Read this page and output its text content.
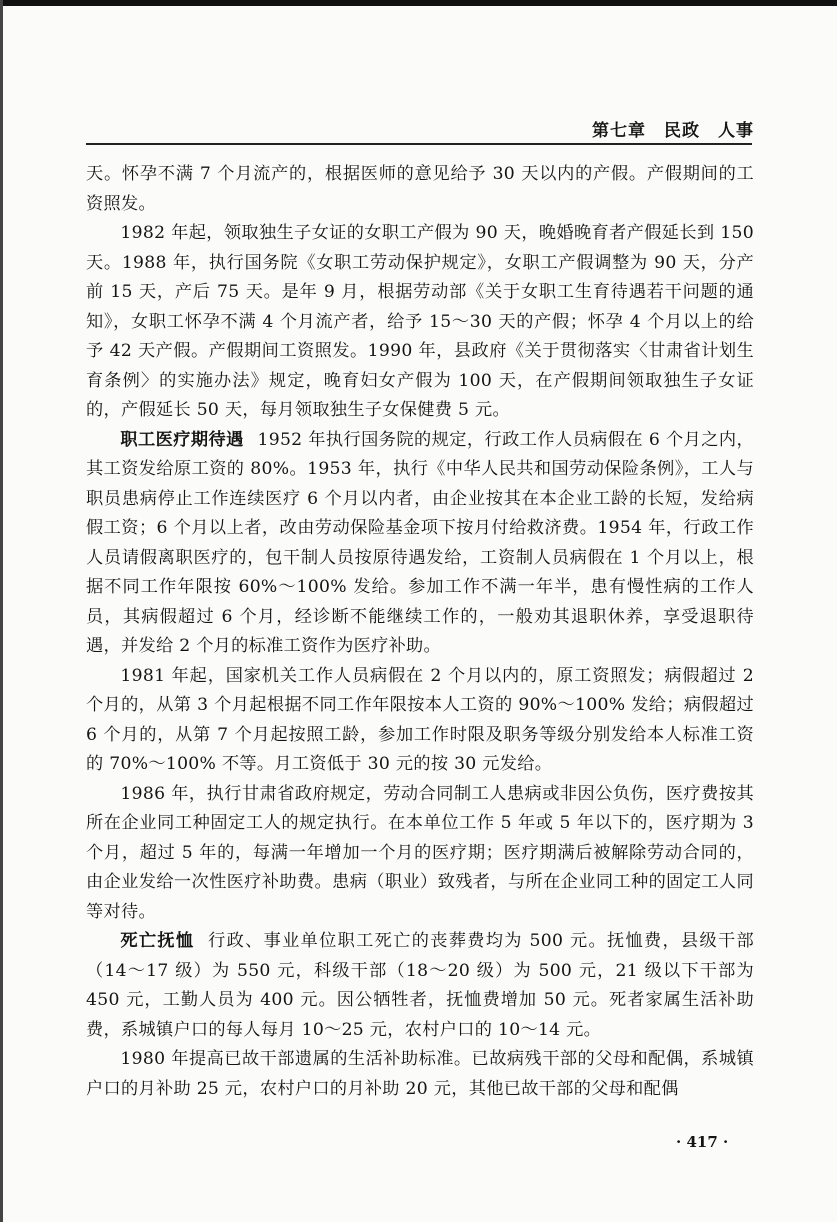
第七章　民政　人事

天。怀孕不满 7 个月流产的，根据医师的意见给予 30 天以内的产假。产假期间的工资照发。

1982 年起，领取独生子女证的女职工产假为 90 天，晚婚晚育者产假延长到 150 天。1988 年，执行国务院《女职工劳动保护规定》，女职工产假调整为 90 天，分产前 15 天，产后 75 天。是年 9 月，根据劳动部《关于女职工生育待遇若干问题的通知》，女职工怀孕不满 4 个月流产者，给予 15～30 天的产假；怀孕 4 个月以上的给予 42 天产假。产假期间工资照发。1990 年，县政府《关于贯彻落实〈甘肃省计划生育条例〉的实施办法》规定，晚育妇女产假为 100 天，在产假期间领取独生子女证的，产假延长 50 天，每月领取独生子女保健费 5 元。

职工医疗期待遇 1952 年执行国务院的规定，行政工作人员病假在 6 个月之内，其工资发给原工资的 80%。1953 年，执行《中华人民共和国劳动保险条例》，工人与职员患病停止工作连续医疗 6 个月以内者，由企业按其在本企业工龄的长短，发给病假工资；6 个月以上者，改由劳动保险基金项下按月付给救济费。1954 年，行政工作人员请假离职医疗的，包干制人员按原待遇发给，工资制人员病假在 1 个月以上，根据不同工作年限按 60%～100% 发给。参加工作不满一年半，患有慢性病的工作人员，其病假超过 6 个月，经诊断不能继续工作的，一般劝其退职休养，享受退职待遇，并发给 2 个月的标准工资作为医疗补助。

1981 年起，国家机关工作人员病假在 2 个月以内的，原工资照发；病假超过 2 个月的，从第 3 个月起根据不同工作年限按本人工资的 90%～100% 发给；病假超过 6 个月的，从第 7 个月起按照工龄，参加工作时限及职务等级分别发给本人标准工资的 70%～100% 不等。月工资低于 30 元的按 30 元发给。

1986 年，执行甘肃省政府规定，劳动合同制工人患病或非因公负伤，医疗费按其所在企业同工种固定工人的规定执行。在本单位工作 5 年或 5 年以下的，医疗期为 3 个月，超过 5 年的，每满一年增加一个月的医疗期；医疗期满后被解除劳动合同的，由企业发给一次性医疗补助费。患病（职业）致残者，与所在企业同工种的固定工人同等对待。

死亡抚恤 行政、事业单位职工死亡的丧葬费均为 500 元。抚恤费，县级干部（14～17 级）为 550 元，科级干部（18～20 级）为 500 元，21 级以下干部为 450 元，工勤人员为 400 元。因公牺牲者，抚恤费增加 50 元。死者家属生活补助费，系城镇户口的每人每月 10～25 元，农村户口的 10～14 元。

1980 年提高已故干部遗属的生活补助标准。已故病残干部的父母和配偶，系城镇户口的月补助 25 元，农村户口的月补助 20 元，其他已故干部的父母和配偶

· 417 ·
